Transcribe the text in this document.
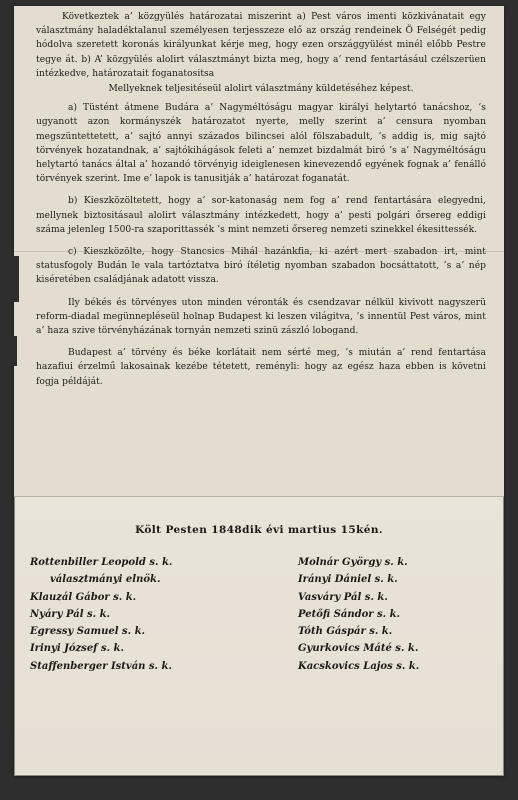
Következtek a’ közgyülés határozatai miszerint a) Pest város imenti közkivánatait egy választmány haladéktalanul személyesen terjesszeze elő az ország rendeinek Ö Felségét pedig hódolva szeretett koronás királyunkat kérje meg, hogy ezen országgyülést minél előbb Pestre tegye át. b) A’ közgyülés alolirt választmányt bizta meg, hogy a’ rend fentartásául czélszerüen intézkedve, határozatait foganatositsa

Mellyeknek teljesitéseül alolirt választmány küldetéséhez képest.

a) Tüstént átmene Budára a’ Nagyméltóságu magyar királyi helytartó tanácshoz, ’s ugyanott azon kormányszék határozatot nyerte, melly szerint a’ censura nyomban megszüntettetett, a’ sajtó annyi százados bilincsei alól fölszabadult, ’s addig is, mig sajtó törvények hozatandnak, a’ sajtókihágások feleti a’ nemzet bizdalmát biró ’s a’ Nagyméltóságu helytartó tanács által a’ hozandó törvényig ideiglenesen kinevezendő egyének fognak a’ fenálló törvények szerint. Ime e’ lapok is tanusitják a’ határozat foganatát.

b) Kieszközöltetett, hogy a’ sor-katonaság nem fog a’ rend fentartására elegyedni, mellynek biztositásaul alolirt választmány intézkedett, hogy a’ pesti polgári őrsereg eddigi száma jelenleg 1500-ra szaporittassék ’s mint nemzeti őrsereg nemzeti szinekkel ékesittessék.

c) Kieszközölte, hogy Stancsics Mihál hazánkfia, ki azért mert szabadon irt, mint statusfogoly Budán le vala tartóztatva biró ítéletig nyomban szabadon bocsáttatott, ’s a’ nép kiséretében családjának adatott vissza.

Ily békés és törvényes uton minden véronták és csendzavar nélkül kivivott nagyszerü reform-diadal megünnepléseül holnap Budapest ki leszen világitva, ’s innentül Pest város, mint a’ haza szive törvényházának tornyán nemzeti szinü zászló lobogand.

Budapest a’ törvény és béke korlátait nem sérté meg, ’s miután a’ rend fentartása hazafiui érzelmű lakosainak kezébe tétetett, reményli: hogy az egész haza ebben is követni fogja példáját.

Költ Pesten 1848dik évi martius 15kén.
Rottenbiller Leopold s. k.
választmányi elnök.
Klauzál Gábor s. k.
Nyáry Pál s. k.
Egressy Samuel s. k.
Irinyi József s. k.
Staffenberger István s. k.
Molnár György s. k.
Irányi Dániel s. k.
Vasváry Pál s. k.
Petőfi Sándor s. k.
Tóth Gáspár s. k.
Gyurkovics Máté s. k.
Kacskovics Lajos s. k.
